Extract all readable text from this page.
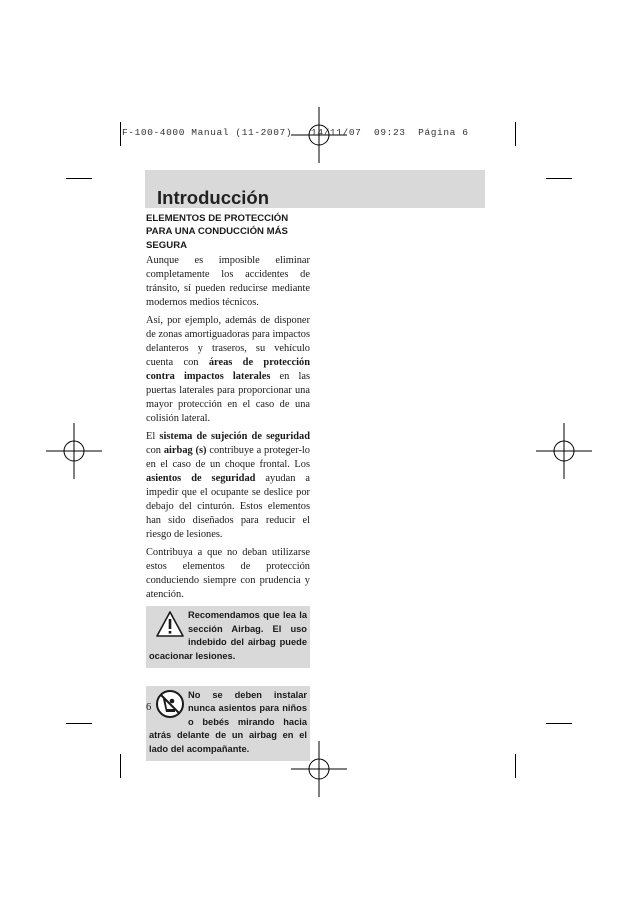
F-100-4000 Manual (11-2007)   14/11/07  09:23  Página 6
Introducción
ELEMENTOS DE PROTECCIÓN PARA UNA CONDUCCIÓN MÁS SEGURA

Aunque es imposible eliminar completamente los accidentes de tránsito, sí pueden reducirse mediante modernos medios técnicos.

Así, por ejemplo, además de disponer de zonas amortiguadoras para impactos delanteros y traseros, su vehículo cuenta con áreas de protección contra impactos laterales en las puertas laterales para proporcionar una mayor protección en el caso de una colisión lateral.

El sistema de sujeción de seguridad con airbag (s) contribuye a proteger-lo en el caso de un choque frontal. Los asientos de seguridad ayudan a impedir que el ocupante se deslice por debajo del cinturón. Estos elementos han sido diseñados para reducir el riesgo de lesiones.

Contribuya a que no deban utilizarse estos elementos de protección conduciendo siempre con prudencia y atención.

Recomendamos que lea la sección Airbag. El uso indebido del airbag puede ocacionar lesiones.
No se deben instalar nunca asientos para niños o bebés mirando hacia atrás delante de un airbag en el lado del acompañante.
6
